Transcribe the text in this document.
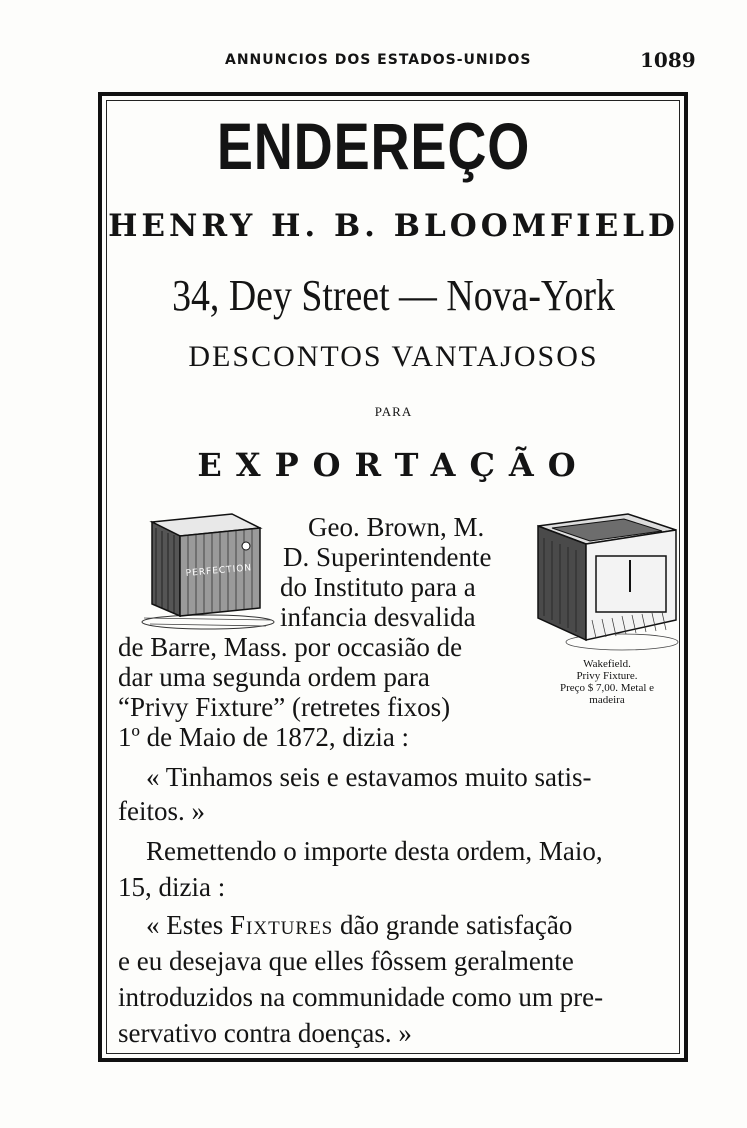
ANNUNCIOS DOS ESTADOS-UNIDOS	1089
ENDEREÇO
HENRY H. B. BLOOMFIELD
34, Dey Street — Nova-York
DESCONTOS VANTAJOSOS
PARA
EXPORTAÇÃO
PERFECTION
Wakefield.
Privy Fixture.
Preço $ 7,00. Metal e
madeira
Geo. Brown, M.
D. Superintendente
do Instituto para a
infancia desvalida
de Barre, Mass. por occasião de
dar uma segunda ordem para
“Privy Fixture” (retretes fixos)
1º de Maio de 1872, dizia :
« Tinhamos seis e estavamos muito satis-
feitos. »
Remettendo o importe desta ordem, Maio,
15, dizia :
« Estes Fixtures dão grande satisfação
e eu desejava que elles fôssem geralmente
introduzidos na communidade como um pre-
servativo contra doenças. »
